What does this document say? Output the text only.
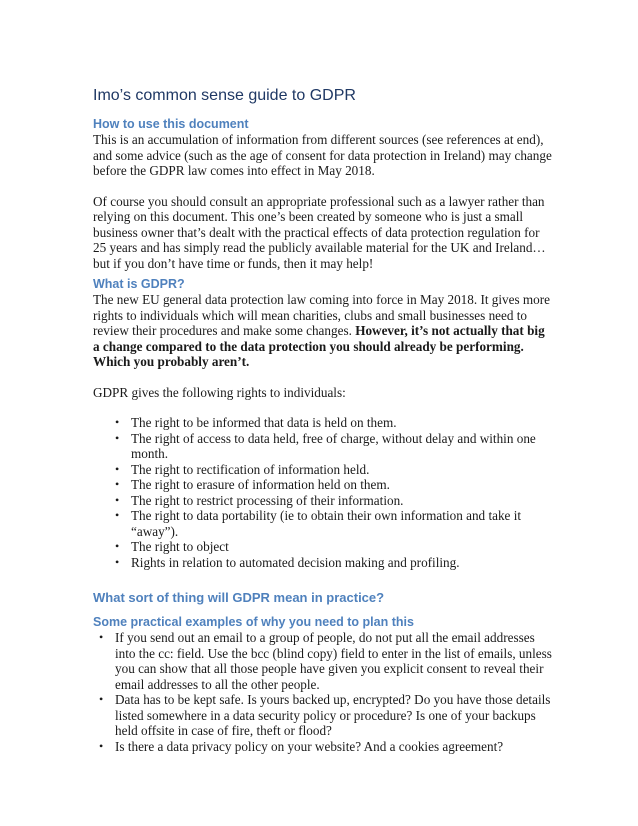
Imo’s common sense guide to GDPR
How to use this document

This is an accumulation of information from different sources (see references at end), and some advice (such as the age of consent for data protection in Ireland) may change before the GDPR law comes into effect in May 2018.

Of course you should consult an appropriate professional such as a lawyer rather than relying on this document. This one’s been created by someone who is just a small business owner that’s dealt with the practical effects of data protection regulation for 25 years and has simply read the publicly available material for the UK and Ireland… but if you don’t have time or funds, then it may help!

What is GDPR?

The new EU general data protection law coming into force in May 2018. It gives more rights to individuals which will mean charities, clubs and small businesses need to review their procedures and make some changes. However, it’s not actually that big a change compared to the data protection you should already be performing. Which you probably aren’t.

GDPR gives the following rights to individuals:

• The right to be informed that data is held on them.
• The right of access to data held, free of charge, without delay and within one month.
• The right to rectification of information held.
• The right to erasure of information held on them.
• The right to restrict processing of their information.
• The right to data portability (ie to obtain their own information and take it “away”).
• The right to object
• Rights in relation to automated decision making and profiling.
What sort of thing will GDPR mean in practice?
Some practical examples of why you need to plan this
• If you send out an email to a group of people, do not put all the email addresses into the cc: field. Use the bcc (blind copy) field to enter in the list of emails, unless you can show that all those people have given you explicit consent to reveal their email addresses to all the other people.
• Data has to be kept safe. Is yours backed up, encrypted? Do you have those details listed somewhere in a data security policy or procedure? Is one of your backups held offsite in case of fire, theft or flood?
• Is there a data privacy policy on your website? And a cookies agreement?
